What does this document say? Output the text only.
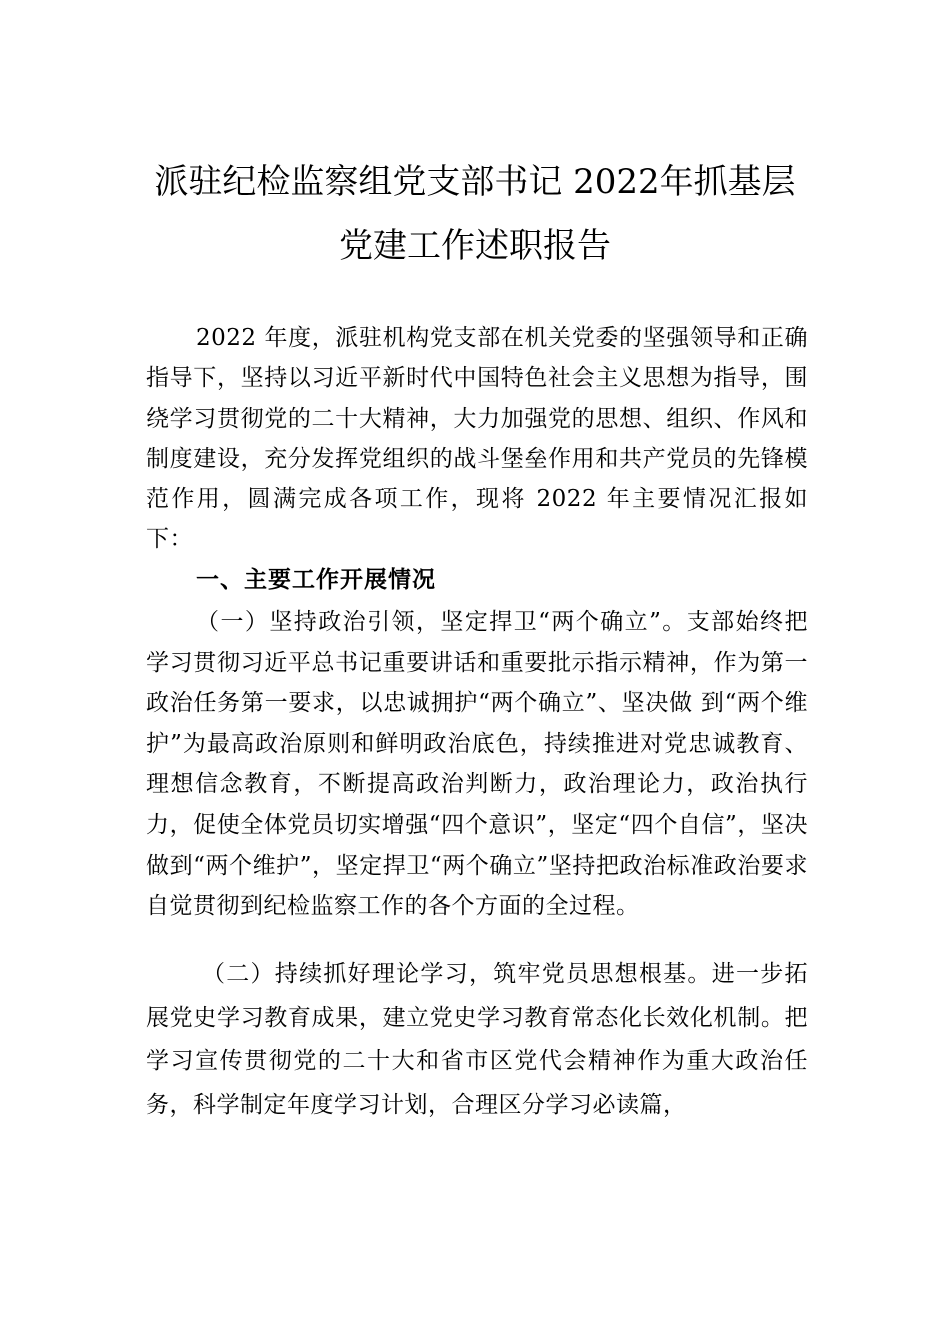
派驻纪检监察组党支部书记 2022年抓基层
党建工作述职报告

2022 年度，派驻机构党支部在机关党委的坚强领导和正确指导下，坚持以习近平新时代中国特色社会主义思想为指导，围绕学习贯彻党的二十大精神，大力加强党的思想、组织、作风和制度建设，充分发挥党组织的战斗堡垒作用和共产党员的先锋模范作用，圆满完成各项工作，现将 2022 年主要情况汇报如下：

一、主要工作开展情况

（一）坚持政治引领，坚定捍卫“两个确立”。支部始终把学习贯彻习近平总书记重要讲话和重要批示指示精神，作为第一政治任务第一要求，以忠诚拥护“两个确立”、坚决做 到“两个维护”为最高政治原则和鲜明政治底色，持续推进对党忠诚教育、理想信念教育，不断提高政治判断力，政治理论力，政治执行力，促使全体党员切实增强“四个意识”，坚定“四个自信”，坚决做到“两个维护”，坚定捍卫“两个确立”坚持把政治标准政治要求自觉贯彻到纪检监察工作的各个方面的全过程。

（二）持续抓好理论学习，筑牢党员思想根基。进一步拓展党史学习教育成果，建立党史学习教育常态化长效化机制。把学习宣传贯彻党的二十大和省市区党代会精神作为重大政治任务，科学制定年度学习计划，合理区分学习必读篇，
